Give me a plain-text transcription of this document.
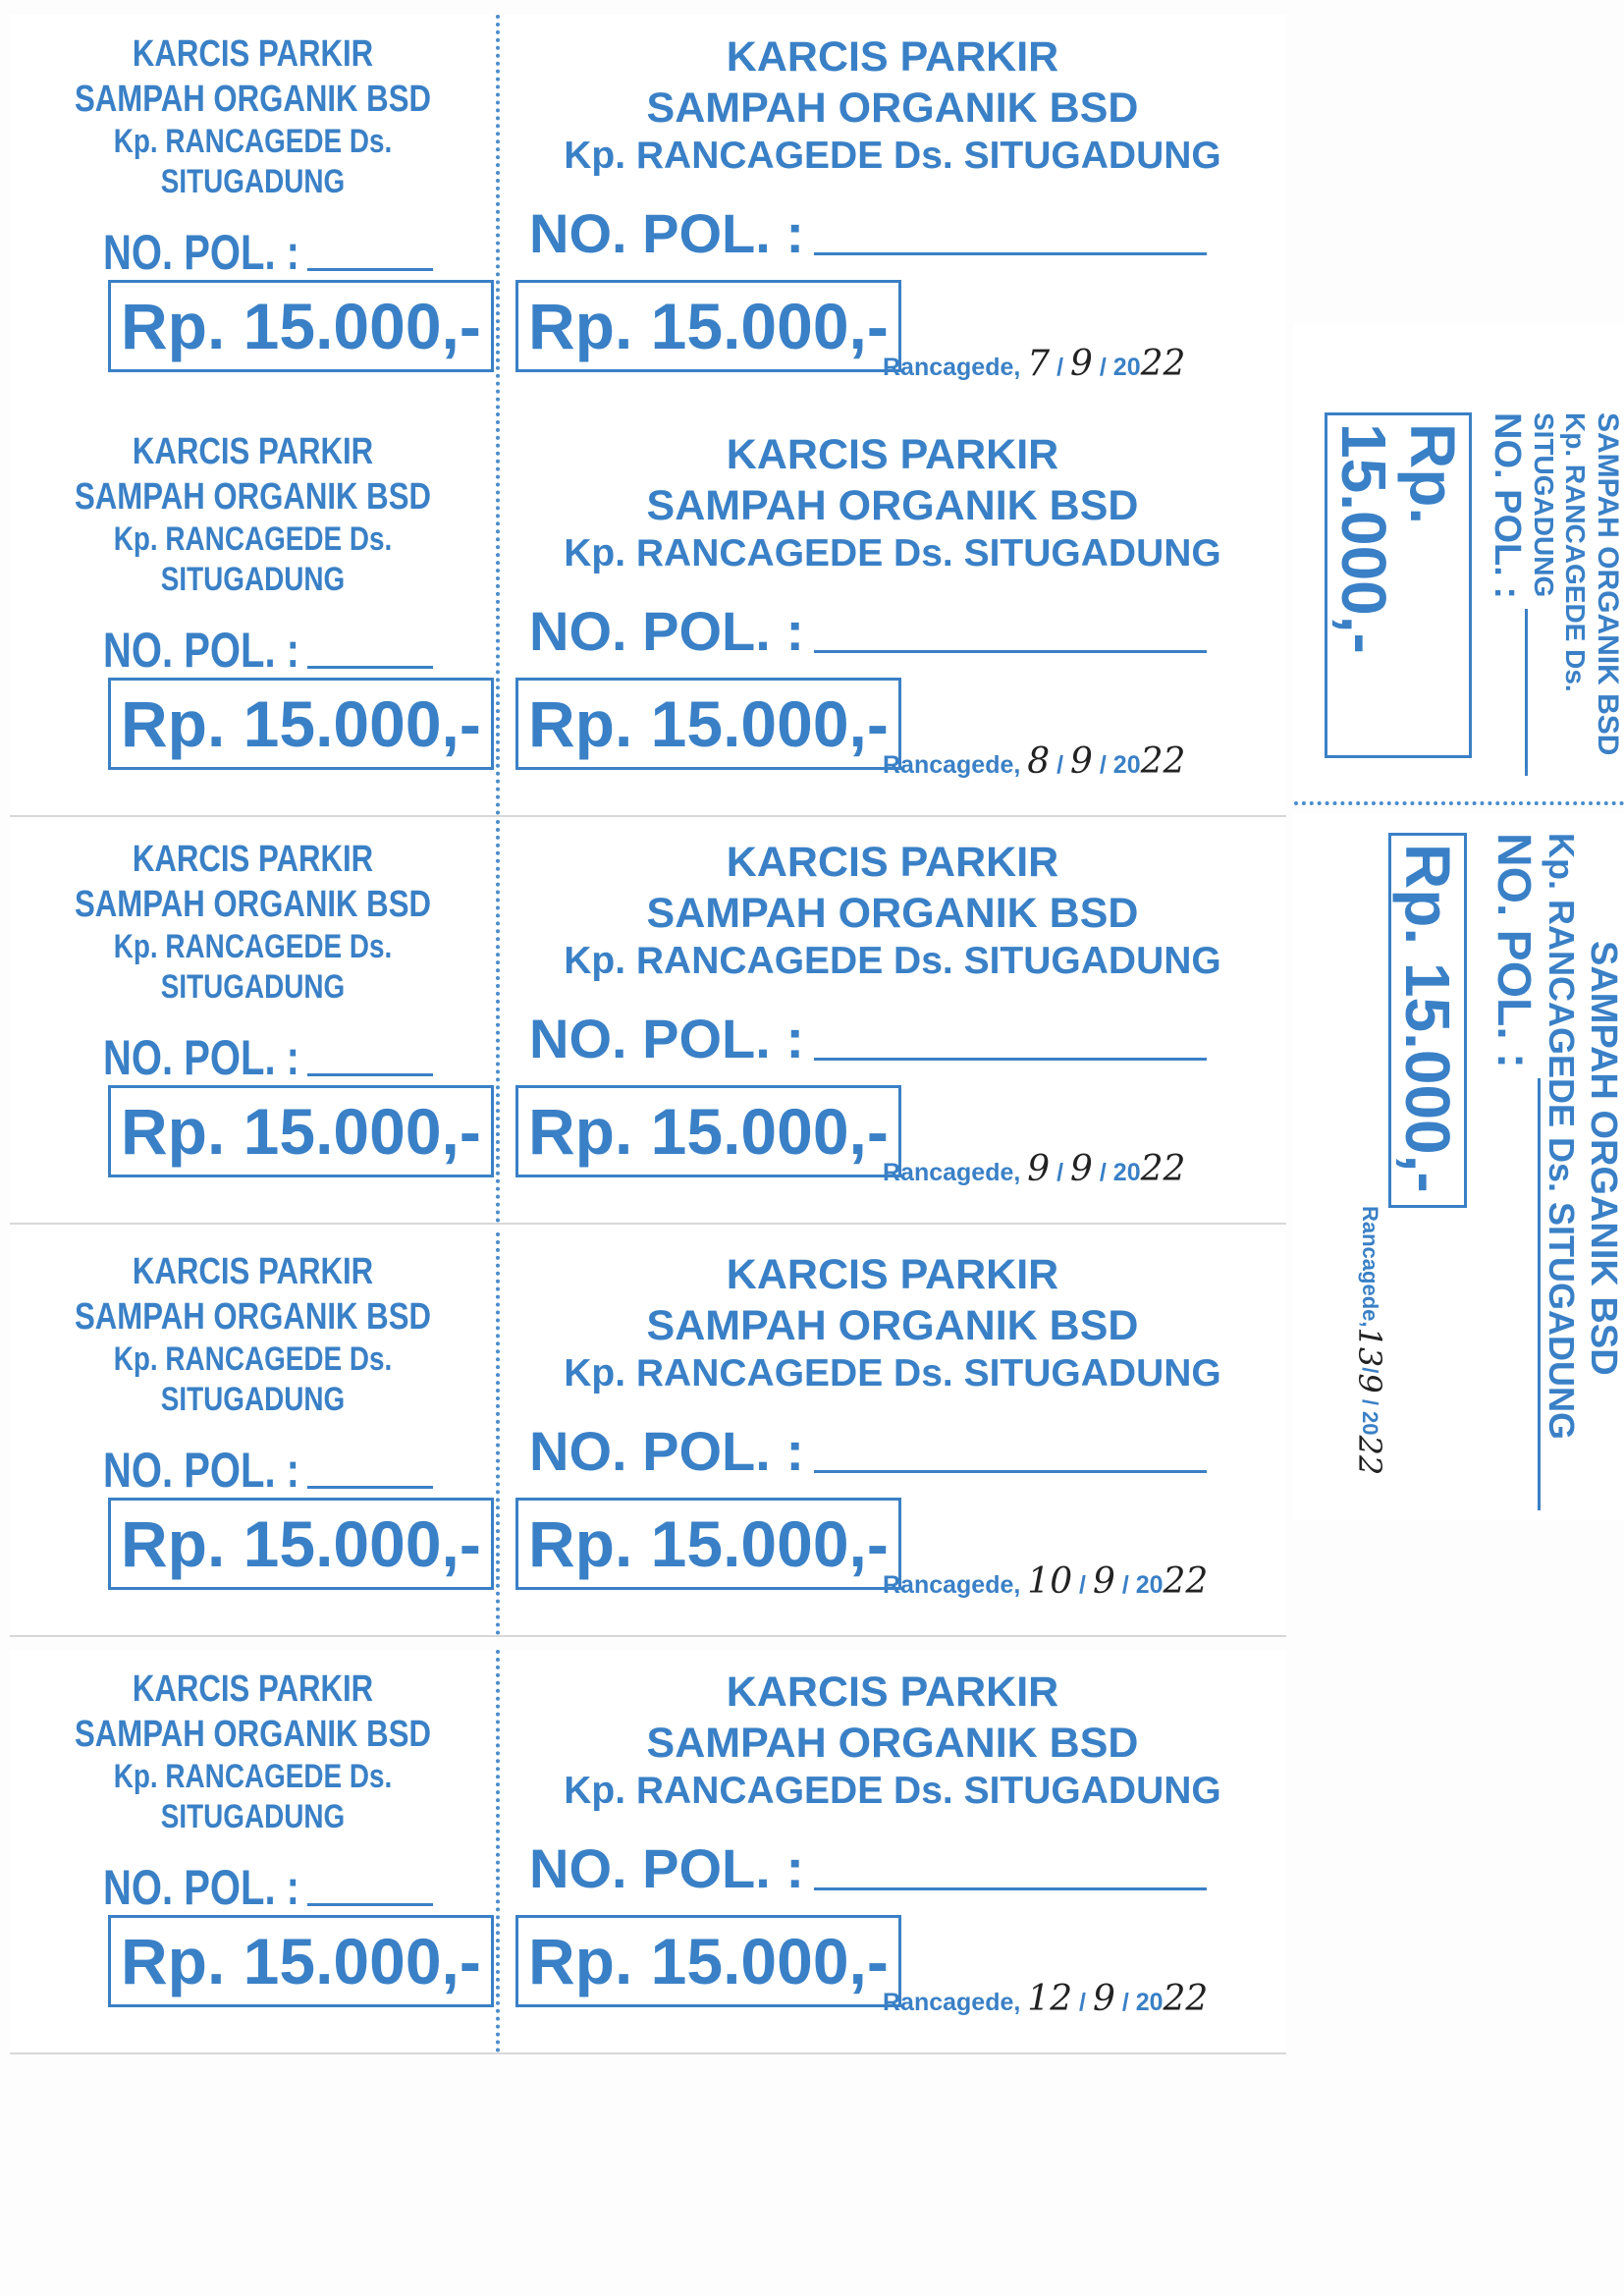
KARCIS PARKIR
SAMPAH ORGANIK BSD
Kp. RANCAGEDE Ds. SITUGADUNG
NO. POL. :
Rp. 15.000,-
KARCIS PARKIR
SAMPAH ORGANIK BSD
Kp. RANCAGEDE Ds. SITUGADUNG
NO. POL. :
Rp. 15.000,-
Rancagede, 7 / 9 / 2022
KARCIS PARKIR
SAMPAH ORGANIK BSD
Kp. RANCAGEDE Ds. SITUGADUNG
NO. POL. :
Rp. 15.000,-
KARCIS PARKIR
SAMPAH ORGANIK BSD
Kp. RANCAGEDE Ds. SITUGADUNG
NO. POL. :
Rp. 15.000,-
Rancagede, 8 / 9 / 2022
KARCIS PARKIR
SAMPAH ORGANIK BSD
Kp. RANCAGEDE Ds. SITUGADUNG
NO. POL. :
Rp. 15.000,-
KARCIS PARKIR
SAMPAH ORGANIK BSD
Kp. RANCAGEDE Ds. SITUGADUNG
NO. POL. :
Rp. 15.000,-
Rancagede, 9 / 9 / 2022
KARCIS PARKIR
SAMPAH ORGANIK BSD
Kp. RANCAGEDE Ds. SITUGADUNG
NO. POL. :
Rp. 15.000,-
KARCIS PARKIR
SAMPAH ORGANIK BSD
Kp. RANCAGEDE Ds. SITUGADUNG
NO. POL. :
Rp. 15.000,-
Rancagede, 10 / 9 / 2022
KARCIS PARKIR
SAMPAH ORGANIK BSD
Kp. RANCAGEDE Ds. SITUGADUNG
NO. POL. :
Rp. 15.000,-
KARCIS PARKIR
SAMPAH ORGANIK BSD
Kp. RANCAGEDE Ds. SITUGADUNG
NO. POL. :
Rp. 15.000,-
Rancagede, 12 / 9 / 2022
SAMPAH ORGANIK BSD
Kp. RANCAGEDE Ds. SITUGADUNG
NO. POL. :
Rp. 15.000,-
SAMPAH ORGANIK BSD
Kp. RANCAGEDE Ds. SITUGADUNG
NO. POL. :
Rp. 15.000,-
Rancagede,13/9 / 2022
